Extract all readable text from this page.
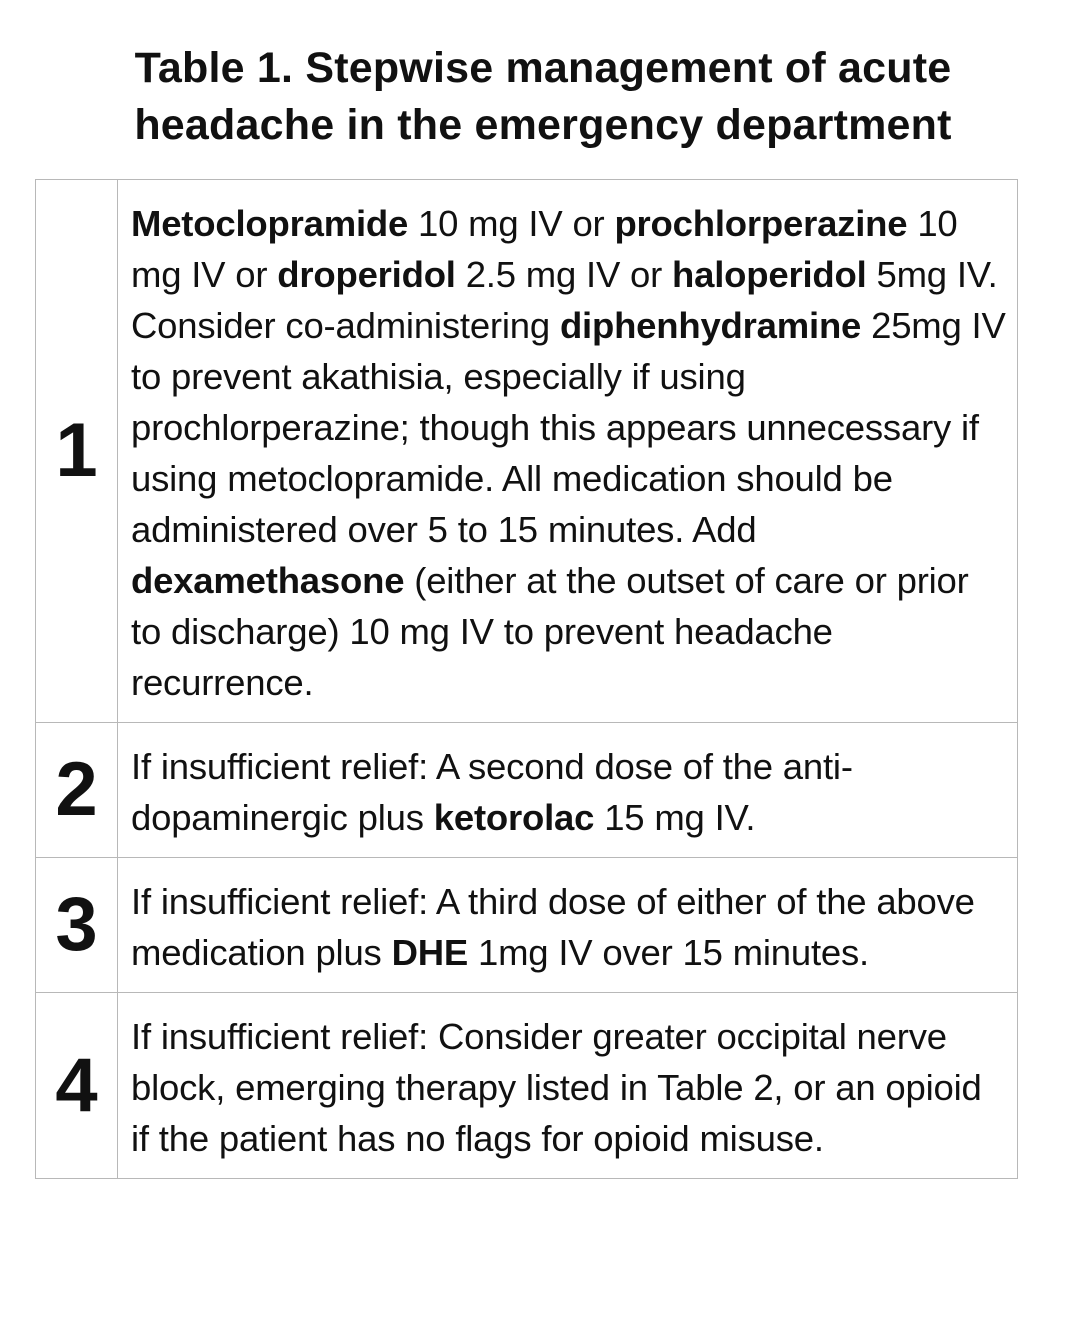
Table 1. Stepwise management of acute
headache in the emergency department
1	Metoclopramide 10 mg IV or prochlorperazine 10 mg IV or droperidol 2.5 mg IV or haloperidol 5mg IV. Consider co-administering diphenhydramine 25mg IV to prevent akathisia, especially if using prochlorperazine; though this appears unnecessary if using metoclopramide. All medication should be administered over 5 to 15 minutes. Add dexamethasone (either at the outset of care or prior to discharge) 10 mg IV to prevent headache recurrence.
2	If insufficient relief: A second dose of the anti-dopaminergic plus ketorolac 15 mg IV.
3	If insufficient relief: A third dose of either of the above medication plus DHE 1mg IV over 15 minutes.
4	If insufficient relief: Consider greater occipital nerve block, emerging therapy listed in Table 2, or an opioid if the patient has no flags for opioid misuse.
